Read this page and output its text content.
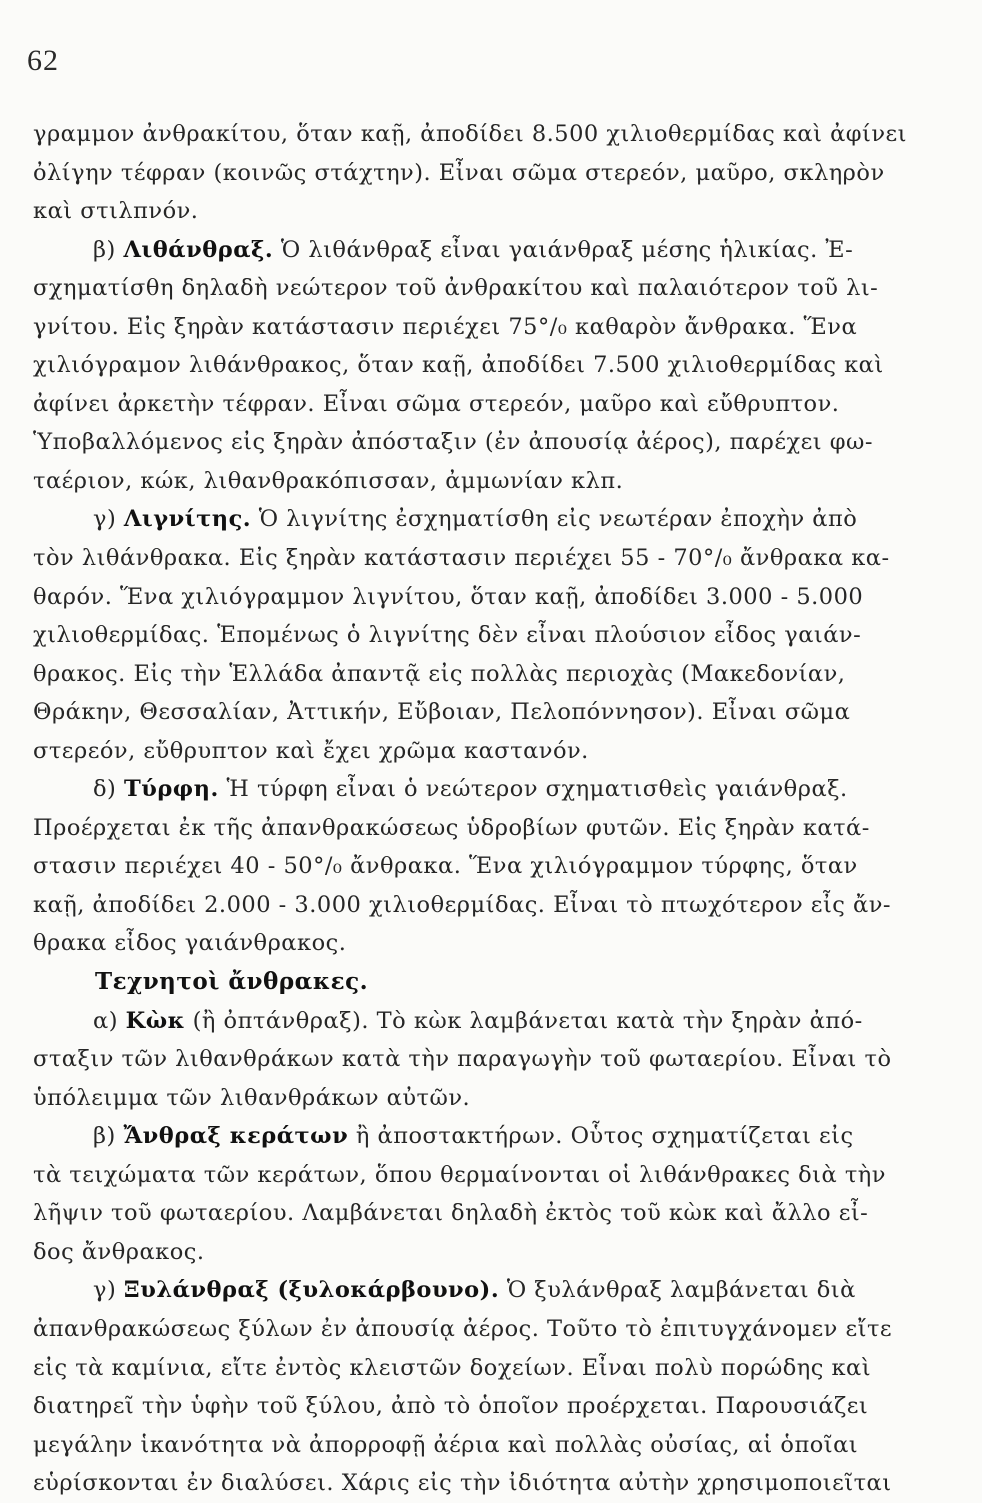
62
γραμμον ἀνθρακίτου, ὅταν καῇ, ἀποδίδει 8.500 χιλιοθερμίδας καὶ ἀφίνει
ὀλίγην τέφραν (κοινῶς στάχτην). Εἶναι σῶμα στερεόν, μαῦρο, σκληρὸν
καὶ στιλπνόν.
β) Λιθάνθραξ. Ὁ λιθάνθραξ εἶναι γαιάνθραξ μέσης ἡλικίας. Ἐ-
σχηματίσθη δηλαδὴ νεώτερον τοῦ ἀνθρακίτου καὶ παλαιότερον τοῦ λι-
γνίτου. Εἰς ξηρὰν κατάστασιν περιέχει 75°/₀ καθαρὸν ἄνθρακα. Ἕνα
χιλιόγραμον λιθάνθρακος, ὅταν καῇ, ἀποδίδει 7.500 χιλιοθερμίδας καὶ
ἀφίνει ἀρκετὴν τέφραν. Εἶναι σῶμα στερεόν, μαῦρο καὶ εὔθρυπτον.
Ὑποβαλλόμενος εἰς ξηρὰν ἀπόσταξιν (ἐν ἀπουσίᾳ ἀέρος), παρέχει φω-
ταέριον, κώκ, λιθανθρακόπισσαν, ἀμμωνίαν κλπ.
γ) Λιγνίτης. Ὁ λιγνίτης ἐσχηματίσθη εἰς νεωτέραν ἐποχὴν ἀπὸ
τὸν λιθάνθρακα. Εἰς ξηρὰν κατάστασιν περιέχει 55 - 70°/₀ ἄνθρακα κα-
θαρόν. Ἕνα χιλιόγραμμον λιγνίτου, ὅταν καῇ, ἀποδίδει 3.000 - 5.000
χιλιοθερμίδας. Ἑπομένως ὁ λιγνίτης δὲν εἶναι πλούσιον εἶδος γαιάν-
θρακος. Εἰς τὴν Ἑλλάδα ἀπαντᾷ εἰς πολλὰς περιοχὰς (Μακεδονίαν,
Θράκην, Θεσσαλίαν, Ἀττικήν, Εὔβοιαν, Πελοπόννησον). Εἶναι σῶμα
στερεόν, εὔθρυπτον καὶ ἔχει χρῶμα καστανόν.
δ) Τύρφη. Ἡ τύρφη εἶναι ὁ νεώτερον σχηματισθεὶς γαιάνθραξ.
Προέρχεται ἐκ τῆς ἀπανθρακώσεως ὑδροβίων φυτῶν. Εἰς ξηρὰν κατά-
στασιν περιέχει 40 - 50°/₀ ἄνθρακα. Ἕνα χιλιόγραμμον τύρφης, ὅταν
καῇ, ἀποδίδει 2.000 - 3.000 χιλιοθερμίδας. Εἶναι τὸ πτωχότερον εἶς ἄν-
θρακα εἶδος γαιάνθρακος.
Τεχνητοὶ ἄνθρακες.
α) Κὼκ (ἢ ὀπτάνθραξ). Τὸ κὼκ λαμβάνεται κατὰ τὴν ξηρὰν ἀπό-
σταξιν τῶν λιθανθράκων κατὰ τὴν παραγωγὴν τοῦ φωταερίου. Εἶναι τὸ
ὑπόλειμμα τῶν λιθανθράκων αὐτῶν.
β) Ἄνθραξ κεράτων ἢ ἀποστακτήρων. Οὗτος σχηματίζεται εἰς
τὰ τειχώματα τῶν κεράτων, ὅπου θερμαίνονται οἱ λιθάνθρακες διὰ τὴν
λῆψιν τοῦ φωταερίου. Λαμβάνεται δηλαδὴ ἐκτὸς τοῦ κὼκ καὶ ἄλλο εἶ-
δος ἄνθρακος.
γ) Ξυλάνθραξ (ξυλοκάρβουνο). Ὁ ξυλάνθραξ λαμβάνεται διὰ
ἀπανθρακώσεως ξύλων ἐν ἀπουσίᾳ ἀέρος. Τοῦτο τὸ ἐπιτυγχάνομεν εἴτε
εἰς τὰ καμίνια, εἴτε ἐντὸς κλειστῶν δοχείων. Εἶναι πολὺ πορώδης καὶ
διατηρεῖ τὴν ὑφὴν τοῦ ξύλου, ἀπὸ τὸ ὁποῖον προέρχεται. Παρουσιάζει
μεγάλην ἱκανότητα νὰ ἀπορροφῇ ἀέρια καὶ πολλὰς οὐσίας, αἱ ὁποῖαι
εὑρίσκονται ἐν διαλύσει. Χάρις εἰς τὴν ἰδιότητα αὐτὴν χρησιμοποιεῖται
